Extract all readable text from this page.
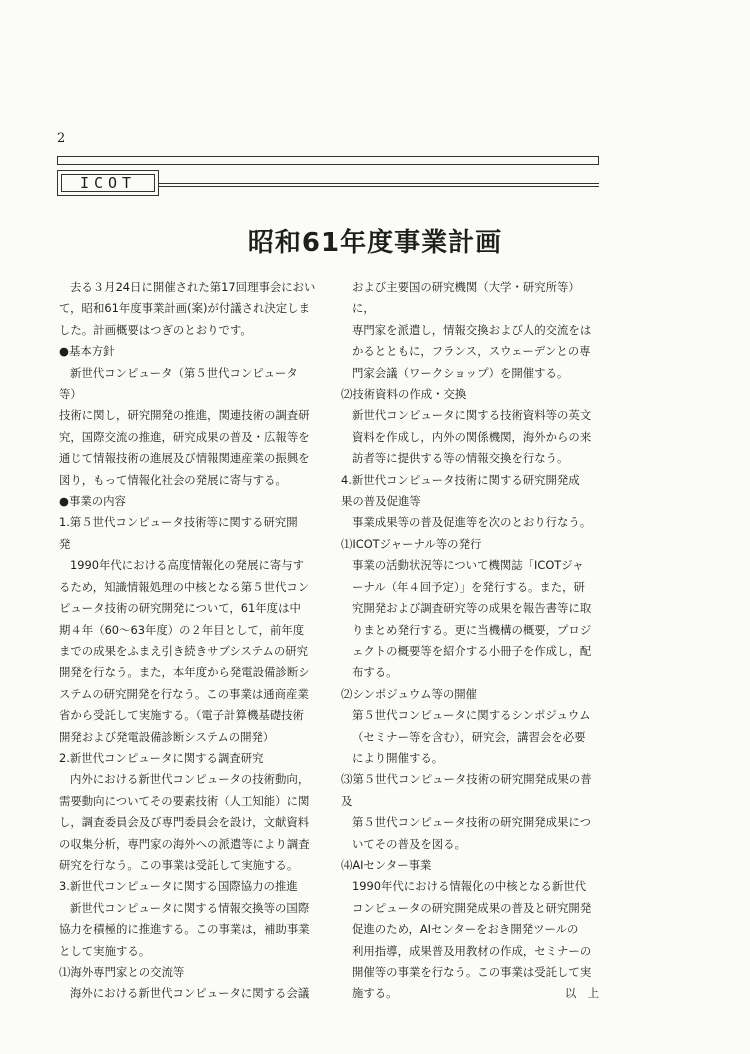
2
ICOT
昭和61年度事業計画

去る３月24日に開催された第17回理事会におい
て，昭和61年度事業計画(案)が付議され決定しま
した。計画概要はつぎのとおりです。

●基本方針

新世代コンピュータ（第５世代コンピュータ等）
技術に関し，研究開発の推進，関連技術の調査研
究，国際交流の推進，研究成果の普及・広報等を
通じて情報技術の進展及び情報関連産業の振興を
図り，もって情報化社会の発展に寄与する。

●事業の内容

1.第５世代コンピュータ技術等に関する研究開
発

1990年代における高度情報化の発展に寄与す
るため，知識情報処理の中核となる第５世代コン
ピュータ技術の研究開発について，61年度は中
期４年（60～63年度）の２年目として，前年度
までの成果をふまえ引き続きサブシステムの研究
開発を行なう。また，本年度から発電設備診断シ
ステムの研究開発を行なう。この事業は通商産業
省から受託して実施する。（電子計算機基礎技術
開発および発電設備診断システムの開発）

2.新世代コンピュータに関する調査研究

内外における新世代コンピュータの技術動向，
需要動向についてその要素技術（人工知能）に関
し，調査委員会及び専門委員会を設け，文献資料
の収集分析，専門家の海外への派遣等により調査
研究を行なう。この事業は受託して実施する。

3.新世代コンピュータに関する国際協力の推進

新世代コンピュータに関する情報交換等の国際
協力を積極的に推進する。この事業は，補助事業
として実施する。

⑴海外専門家との交流等

海外における新世代コンピュータに関する会議

および主要国の研究機関（大学・研究所等）に，
専門家を派遣し，情報交換および人的交流をは
かるとともに，フランス，スウェーデンとの専
門家会議（ワークショップ）を開催する。

⑵技術資料の作成・交換

新世代コンピュータに関する技術資料等の英文
資料を作成し，内外の関係機関，海外からの来
訪者等に提供する等の情報交換を行なう。

4.新世代コンピュータ技術に関する研究開発成
果の普及促進等

事業成果等の普及促進等を次のとおり行なう。

⑴ICOTジャーナル等の発行

事業の活動状況等について機関誌「ICOTジャ
ーナル（年４回予定）」を発行する。また，研
究開発および調査研究等の成果を報告書等に取
りまとめ発行する。更に当機構の概要，プロジ
ェクトの概要等を紹介する小冊子を作成し，配
布する。

⑵シンポジュウム等の開催

第５世代コンピュータに関するシンポジュウム
（セミナー等を含む），研究会，講習会を必要
により開催する。

⑶第５世代コンピュータ技術の研究開発成果の普
及

第５世代コンピュータ技術の研究開発成果につ
いてその普及を図る。

⑷AIセンター事業

1990年代における情報化の中核となる新世代
コンピュータの研究開発成果の普及と研究開発
促進のため，AIセンターをおき開発ツールの
利用指導，成果普及用教材の作成，セミナーの
開催等の事業を行なう。この事業は受託して実

施する。	以　上
